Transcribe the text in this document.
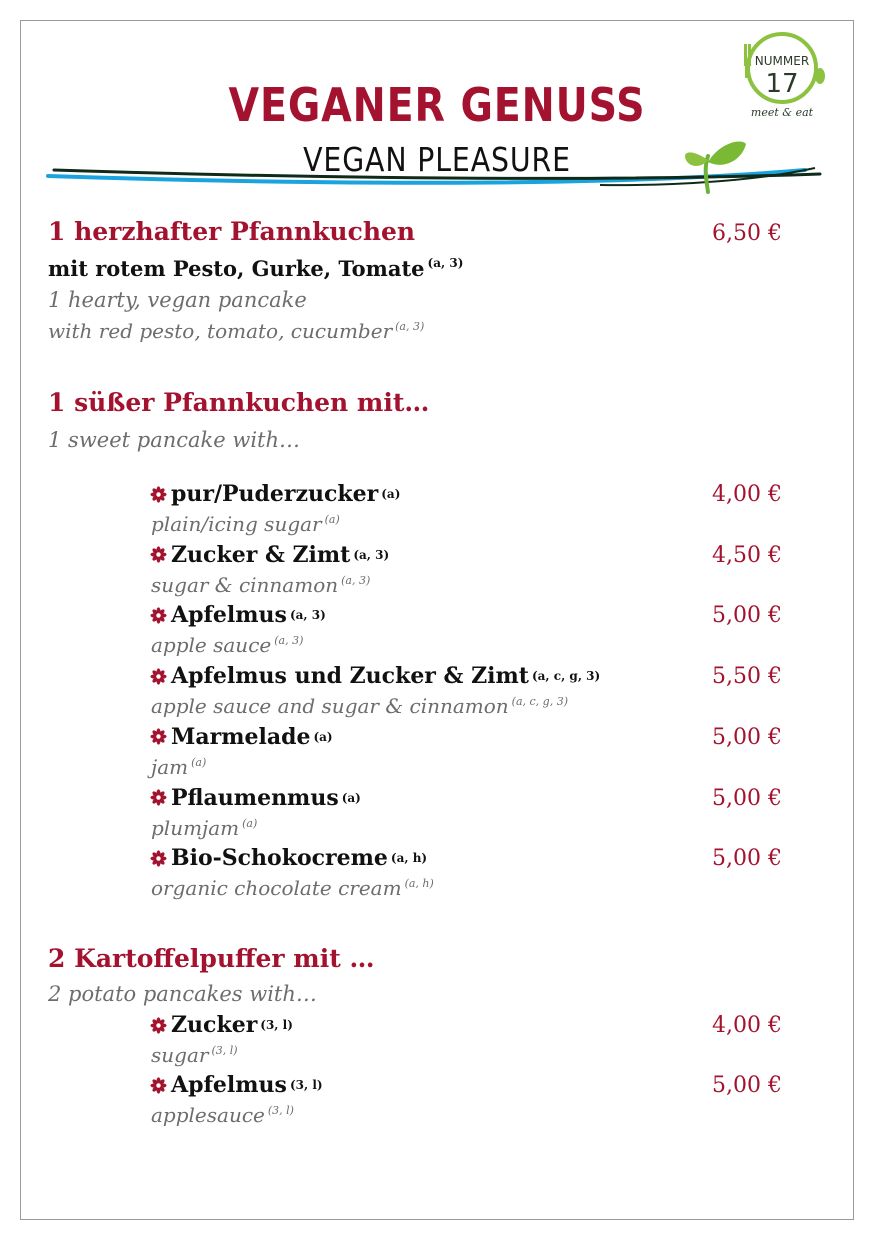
NUMMER
17
meet & eat
VEGANER GENUSS
VEGAN PLEASURE
1 herzhafter Pfannkuchen	6,50 €
mit rotem Pesto, Gurke, Tomate $^{(a, 3)}$
1 hearty, vegan pancake
with red pesto, tomato, cucumber $^{(a, 3)}$
1 süßer Pfannkuchen mit…
1 sweet pancake with…
pur/Puderzucker (a)	4,00 €
plain/icing sugar $^{(a)}$
Zucker & Zimt (a, 3)	4,50 €
sugar & cinnamon $^{(a, 3)}$
Apfelmus (a, 3)	5,00 €
apple sauce $^{(a, 3)}$
Apfelmus und Zucker & Zimt (a, c, g, 3)	5,50 €
apple sauce and sugar & cinnamon $^{(a, c, g, 3)}$
Marmelade (a)	5,00 €
jam $^{(a)}$
Pflaumenmus (a)	5,00 €
plumjam $^{(a)}$
Bio-Schokocreme (a, h)	5,00 €
organic chocolate cream $^{(a, h)}$
2 Kartoffelpuffer mit …
2 potato pancakes with…
Zucker (3, l)	4,00 €
sugar $^{(3, l)}$
Apfelmus (3, l)	5,00 €
applesauce $^{(3, l)}$
